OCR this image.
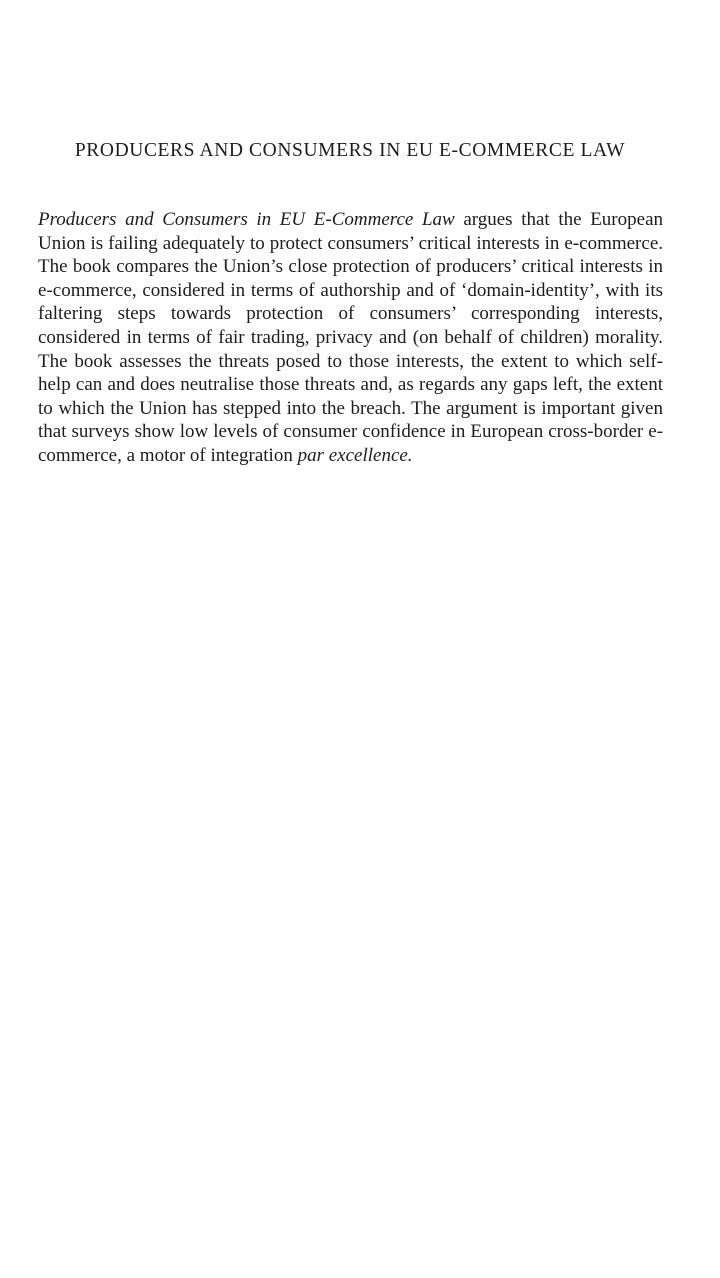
PRODUCERS AND CONSUMERS IN EU E-COMMERCE LAW

Producers and Consumers in EU E-Commerce Law argues that the European Union is failing adequately to protect consumers’ critical interests in e-commerce. The book compares the Union’s close protection of producers’ critical interests in e-commerce, considered in terms of authorship and of ‘domain-identity’, with its faltering steps towards protection of consumers’ corresponding interests, considered in terms of fair trading, privacy and (on behalf of children) morality. The book assesses the threats posed to those interests, the extent to which self-help can and does neutralise those threats and, as regards any gaps left, the extent to which the Union has stepped into the breach. The argument is important given that surveys show low levels of consumer confidence in European cross-border e-commerce, a motor of integration par excellence.
